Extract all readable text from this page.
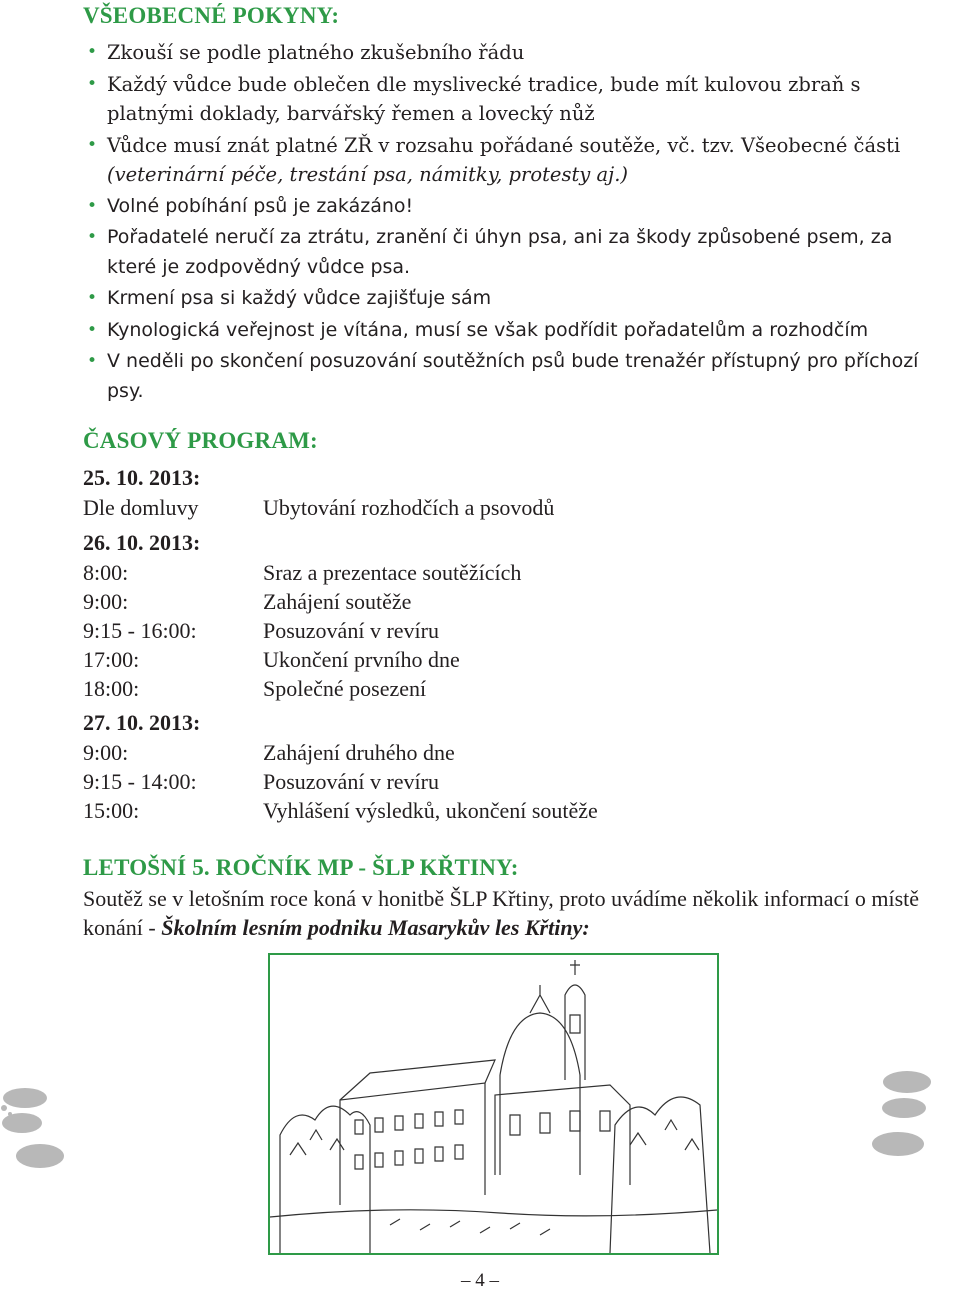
VŠEOBECNÉ POKYNY:
• Zkouší se podle platného zkušebního řádu
• Každý vůdce bude oblečen dle myslivecké tradice, bude mít kulovou zbraň s platnými doklady, barvářský řemen a lovecký nůž
• Vůdce musí znát platné ZŘ v rozsahu pořádané soutěže, vč. tzv. Všeobecné části (veterinární péče, trestání psa, námitky, protesty aj.)
• Volné pobíhání psů je zakázáno!
• Pořadatelé neručí za ztrátu, zranění či úhyn psa, ani za škody způsobené psem, za které je zodpovědný vůdce psa.
• Krmení psa si každý vůdce zajišťuje sám
• Kynologická veřejnost je vítána, musí se však podřídit pořadatelům a rozhodčím
• V neděli po skončení posuzování soutěžních psů bude trenažér přístupný pro příchozí psy.
ČASOVÝ PROGRAM:
25. 10. 2013:
Dle domluvy	Ubytování rozhodčích a psovodů
26. 10. 2013:
8:00:	Sraz a prezentace soutěžících
9:00:	Zahájení soutěže
9:15 - 16:00:	Posuzování v revíru
17:00:	Ukončení prvního dne
18:00:	Společné posezení
27. 10. 2013:
9:00:	Zahájení druhého dne
9:15 - 14:00:	Posuzování v revíru
15:00:	Vyhlášení výsledků, ukončení soutěže
LETOŠNÍ 5. ROČNÍK MP - ŠLP KŘTINY:

Soutěž se v letošním roce koná v honitbě ŠLP Křtiny, proto uvádíme několik informací o místě konání - Školním lesním podniku Masarykův les Křtiny:

– 4 –
